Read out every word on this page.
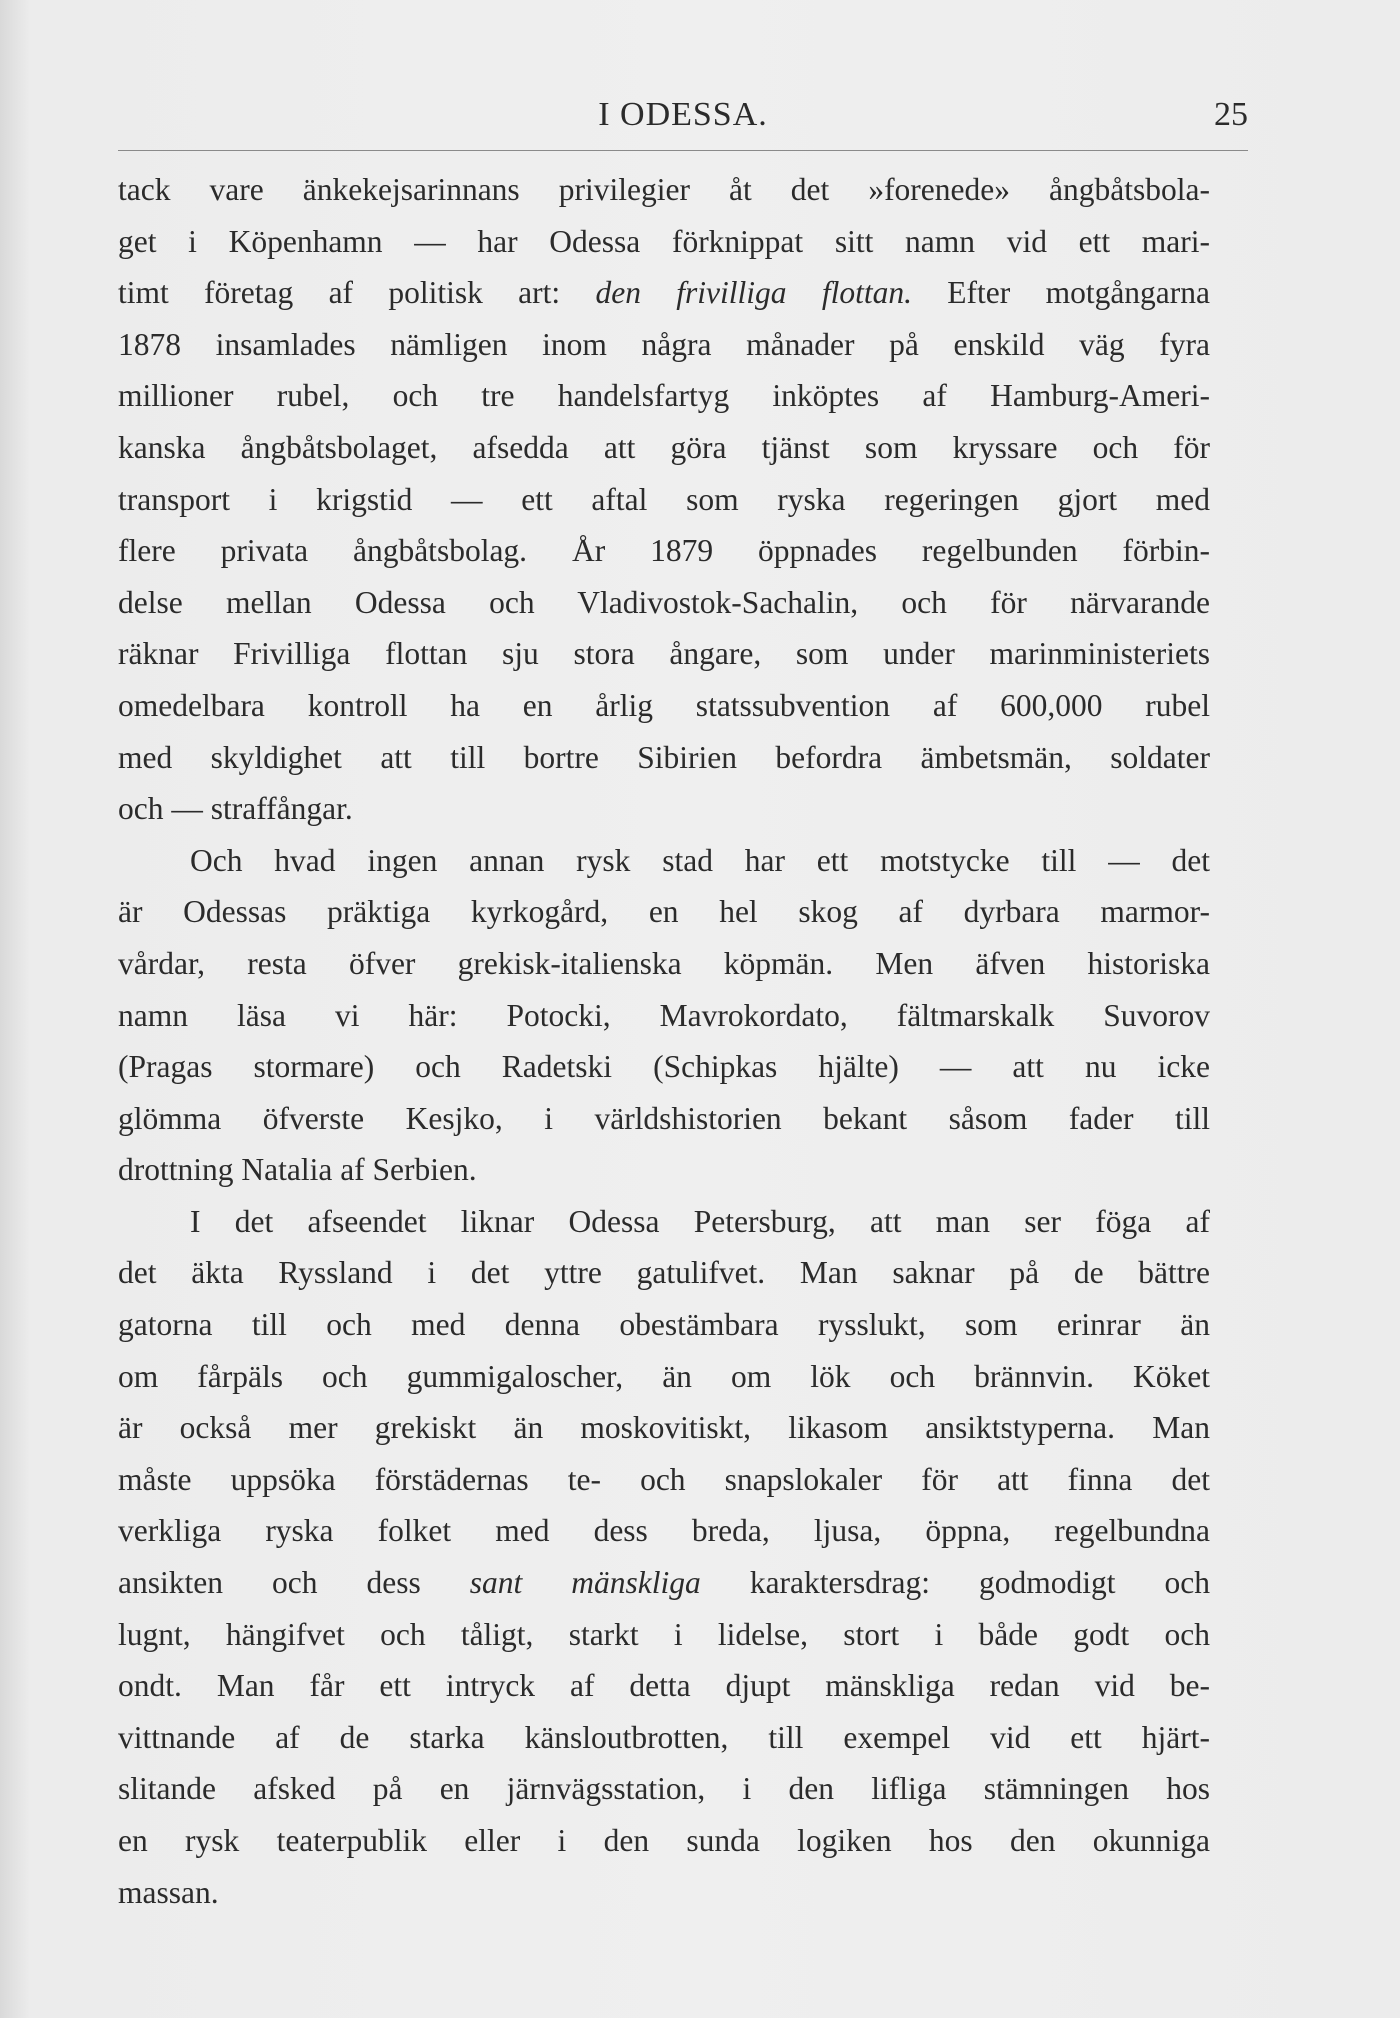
I ODESSA.	25
tack vare änkekejsarinnans privilegier åt det »forenede» ångbåtsbola-
get i Köpenhamn — har Odessa förknippat sitt namn vid ett mari-
timt företag af politisk art: den frivilliga flottan. Efter motgångarna
1878 insamlades nämligen inom några månader på enskild väg fyra
millioner rubel, och tre handelsfartyg inköptes af Hamburg-Ameri-
kanska ångbåtsbolaget, afsedda att göra tjänst som kryssare och för
transport i krigstid — ett aftal som ryska regeringen gjort med
flere privata ångbåtsbolag. År 1879 öppnades regelbunden förbin-
delse mellan Odessa och Vladivostok-Sachalin, och för närvarande
räknar Frivilliga flottan sju stora ångare, som under marinministeriets
omedelbara kontroll ha en årlig statssubvention af 600,000 rubel
med skyldighet att till bortre Sibirien befordra ämbetsmän, soldater
och — straffångar.
Och hvad ingen annan rysk stad har ett motstycke till — det
är Odessas präktiga kyrkogård, en hel skog af dyrbara marmor-
vårdar, resta öfver grekisk-italienska köpmän. Men äfven historiska
namn läsa vi här: Potocki, Mavrokordato, fältmarskalk Suvorov
(Pragas stormare) och Radetski (Schipkas hjälte) — att nu icke
glömma öfverste Kesjko, i världshistorien bekant såsom fader till
drottning Natalia af Serbien.
I det afseendet liknar Odessa Petersburg, att man ser föga af
det äkta Ryssland i det yttre gatulifvet. Man saknar på de bättre
gatorna till och med denna obestämbara rysslukt, som erinrar än
om fårpäls och gummigaloscher, än om lök och brännvin. Köket
är också mer grekiskt än moskovitiskt, likasom ansiktstyperna. Man
måste uppsöka förstädernas te- och snapslokaler för att finna det
verkliga ryska folket med dess breda, ljusa, öppna, regelbundna
ansikten och dess sant mänskliga karaktersdrag: godmodigt och
lugnt, hängifvet och tåligt, starkt i lidelse, stort i både godt och
ondt. Man får ett intryck af detta djupt mänskliga redan vid be-
vittnande af de starka känsloutbrotten, till exempel vid ett hjärt-
slitande afsked på en järnvägsstation, i den lifliga stämningen hos
en rysk teaterpublik eller i den sunda logiken hos den okunniga
massan.
